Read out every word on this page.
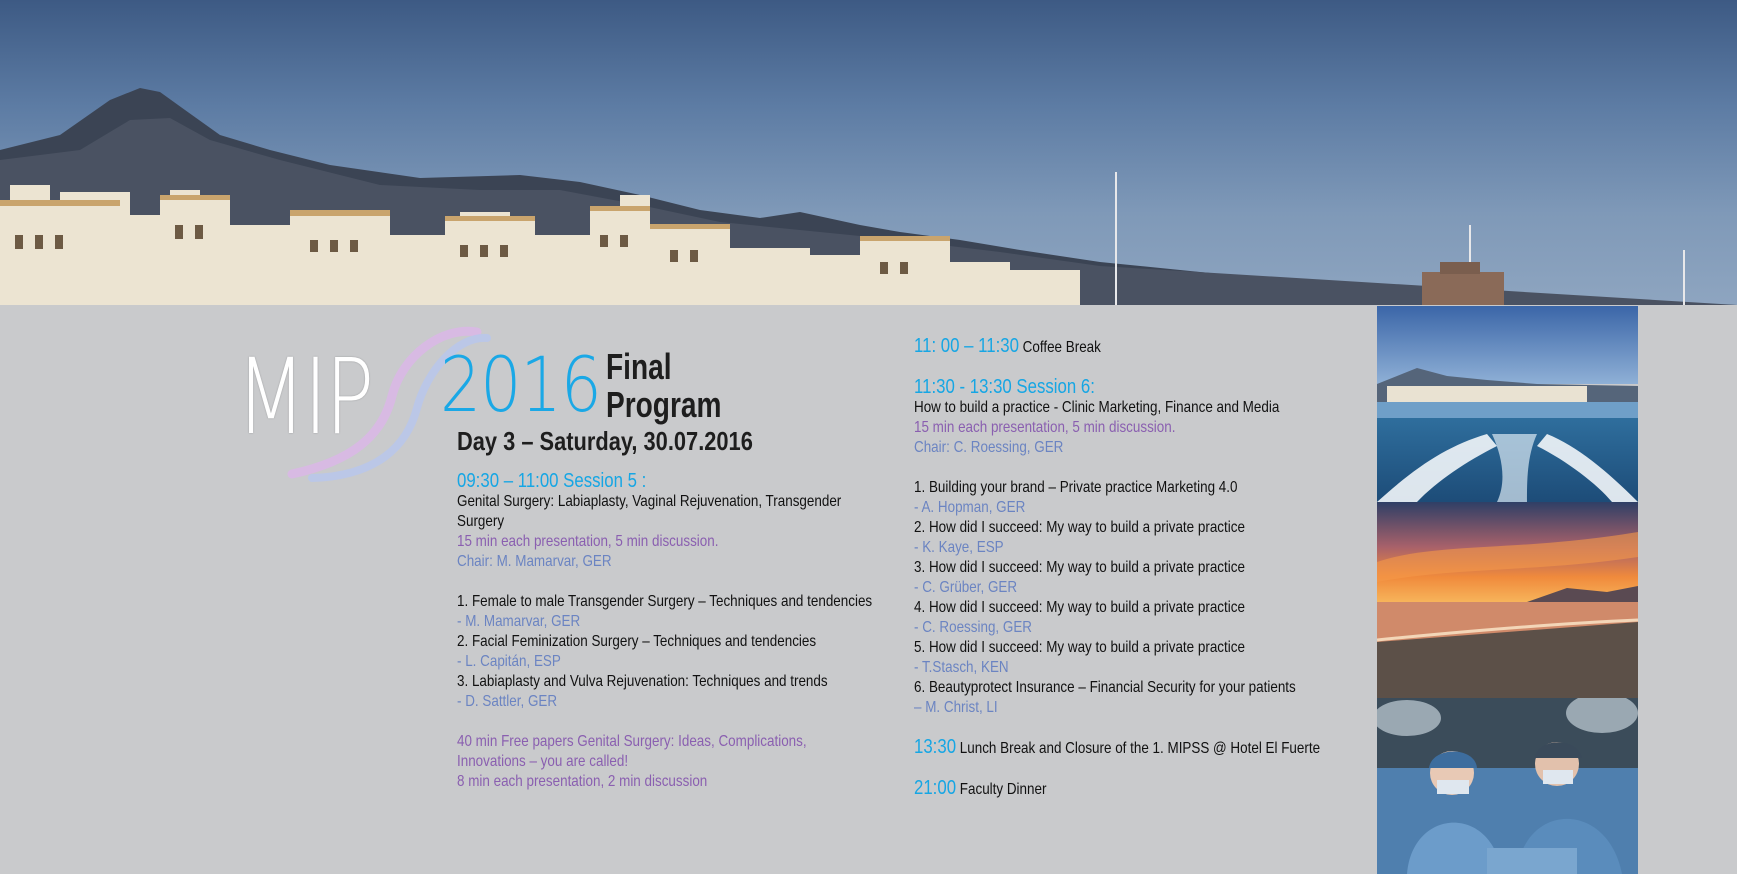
MIP 2016 Final
Program
Day 3 – Saturday, 30.07.2016
09:30 – 11:00 Session 5 :
Genital Surgery: Labiaplasty, Vaginal Rejuvenation, Transgender Surgery
15 min each presentation, 5 min discussion.
Chair: M. Mamarvar, GER
1. Female to male Transgender Surgery – Techniques and tendencies
- M. Mamarvar, GER
2. Facial Feminization Surgery – Techniques and tendencies
- L. Capitán, ESP
3. Labiaplasty and Vulva Rejuvenation: Techniques and trends
- D. Sattler, GER
40 min Free papers Genital Surgery: Ideas, Complications, Innovations – you are called!
8 min each presentation, 2 min discussion
11: 00 – 11:30 Coffee Break
11:30 - 13:30 Session 6:
How to build a practice - Clinic Marketing, Finance and Media
15 min each presentation, 5 min discussion.
Chair: C. Roessing, GER
1. Building your brand – Private practice Marketing 4.0
- A. Hopman, GER
2. How did I succeed: My way to build a private practice
- K. Kaye, ESP
3. How did I succeed: My way to build a private practice
- C. Grüber, GER
4. How did I succeed: My way to build a private practice
- C. Roessing, GER
5. How did I succeed: My way to build a private practice
- T.Stasch, KEN
6. Beautyprotect Insurance – Financial Security for your patients
– M. Christ, LI
13:30 Lunch Break and Closure of the 1. MIPSS @ Hotel El Fuerte
21:00 Faculty Dinner
